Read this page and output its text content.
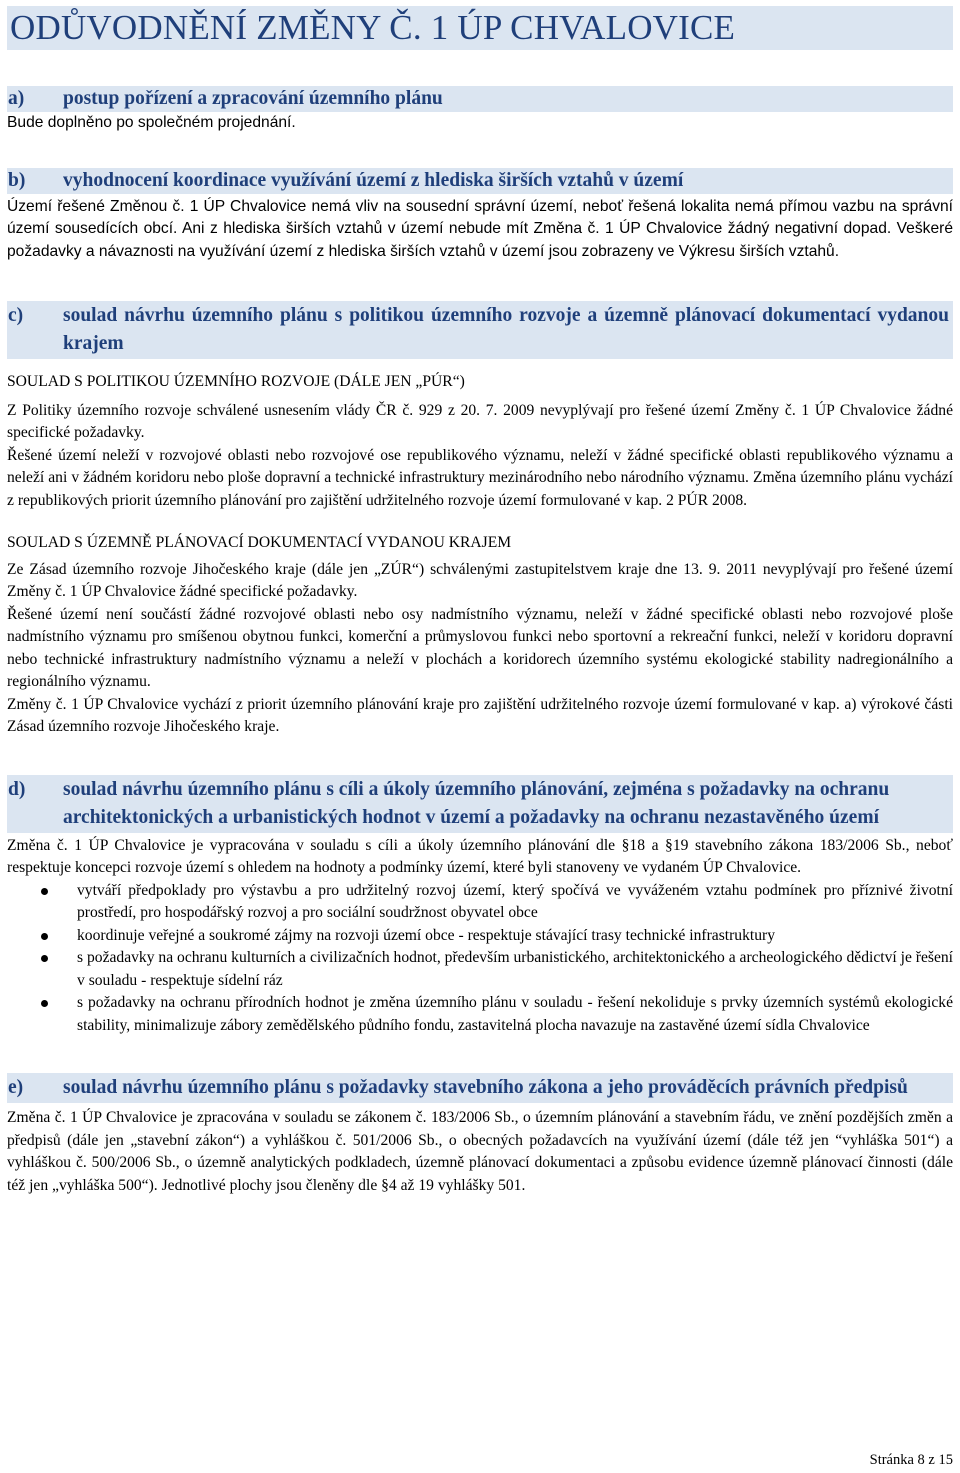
ODŮVODNĚNÍ ZMĚNY Č. 1 ÚP CHVALOVICE
a)	postup pořízení a zpracování územního plánu

Bude doplněno po společném projednání.

b)	vyhodnocení koordinace využívání území z hlediska širších vztahů v území

Území řešené Změnou č. 1 ÚP Chvalovice nemá vliv na sousední správní území, neboť řešená lokalita nemá přímou vazbu na správní území sousedících obcí. Ani z hlediska širších vztahů v území nebude mít Změna č. 1 ÚP Chvalovice žádný negativní dopad. Veškeré požadavky a návaznosti na využívání území z hlediska širších vztahů v území jsou zobrazeny ve Výkresu širších vztahů.

c)	soulad návrhu územního plánu s politikou územního rozvoje a územně plánovací dokumentací vydanou krajem
SOULAD S POLITIKOU ÚZEMNÍHO ROZVOJE (DÁLE JEN „PÚR“)

Z Politiky územního rozvoje schválené usnesením vlády ČR č. 929 z 20. 7. 2009 nevyplývají pro řešené území Změny č. 1 ÚP Chvalovice žádné specifické požadavky.

Řešené území neleží v rozvojové oblasti nebo rozvojové ose republikového významu, neleží v žádné specifické oblasti republikového významu a neleží ani v žádném koridoru nebo ploše dopravní a technické infrastruktury mezinárodního nebo národního významu. Změna územního plánu vychází z republikových priorit územního plánování pro zajištění udržitelného rozvoje území formulované v kap. 2 PÚR 2008.

SOULAD S ÚZEMNĚ PLÁNOVACÍ DOKUMENTACÍ VYDANOU KRAJEM

Ze Zásad územního rozvoje Jihočeského kraje (dále jen „ZÚR“) schválenými zastupitelstvem kraje dne 13. 9. 2011 nevyplývají pro řešené území Změny č. 1 ÚP Chvalovice žádné specifické požadavky.

Řešené území není součástí žádné rozvojové oblasti nebo osy nadmístního významu, neleží v žádné specifické oblasti nebo rozvojové ploše nadmístního významu pro smíšenou obytnou funkci, komerční a průmyslovou funkci nebo sportovní a rekreační funkci, neleží v koridoru dopravní nebo technické infrastruktury nadmístního významu a neleží v plochách a koridorech územního systému ekologické stability nadregionálního a regionálního významu.

Změny č. 1 ÚP Chvalovice vychází z priorit územního plánování kraje pro zajištění udržitelného rozvoje území formulované v kap. a) výrokové části Zásad územního rozvoje Jihočeského kraje.

d)	soulad návrhu územního plánu s cíli a úkoly územního plánování, zejména s požadavky na ochranu architektonických a urbanistických hodnot v území a požadavky na ochranu nezastavěného území

Změna č. 1 ÚP Chvalovice je vypracována v souladu s cíli a úkoly územního plánování dle §18 a §19 stavebního zákona 183/2006 Sb., neboť respektuje koncepci rozvoje území s ohledem na hodnoty a podmínky území, které byli stanoveny ve vydaném ÚP Chvalovice.

vytváří předpoklady pro výstavbu a pro udržitelný rozvoj území, který spočívá ve vyváženém vztahu podmínek pro příznivé životní prostředí, pro hospodářský rozvoj a pro sociální soudržnost obyvatel obce
koordinuje veřejné a soukromé zájmy na rozvoji území obce - respektuje stávající trasy technické infrastruktury
s požadavky na ochranu kulturních a civilizačních hodnot, především urbanistického, architektonického a archeologického dědictví je řešení v souladu - respektuje sídelní ráz
s požadavky na ochranu přírodních hodnot je změna územního plánu v souladu - řešení nekoliduje s prvky územních systémů ekologické stability, minimalizuje zábory zemědělského půdního fondu, zastavitelná plocha navazuje na zastavěné území sídla Chvalovice
e)	soulad návrhu územního plánu s požadavky stavebního zákona a jeho prováděcích právních předpisů

Změna č. 1 ÚP Chvalovice je zpracována v souladu se zákonem č. 183/2006 Sb., o územním plánování a stavebním řádu, ve znění pozdějších změn a předpisů (dále jen „stavební zákon“) a vyhláškou č. 501/2006 Sb., o obecných požadavcích na využívání území (dále též jen “vyhláška 501“) a vyhláškou č. 500/2006 Sb., o územně analytických podkladech, územně plánovací dokumentaci a způsobu evidence územně plánovací činnosti (dále též jen „vyhláška 500“). Jednotlivé plochy jsou členěny dle §4 až 19 vyhlášky 501.

Stránka 8 z 15
